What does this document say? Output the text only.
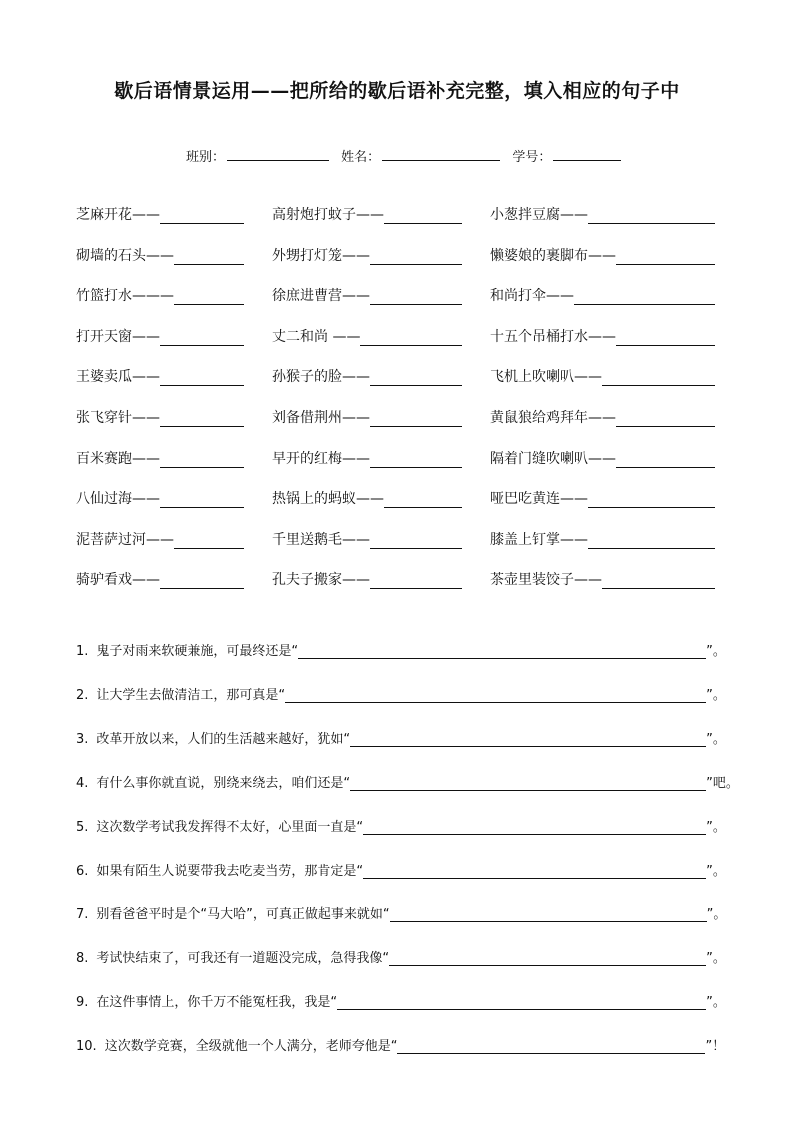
歇后语情景运用——把所给的歇后语补充完整，填入相应的句子中
班别：	姓名：	学号：
芝麻开花——	高射炮打蚊子——	小葱拌豆腐——
砌墙的石头——	外甥打灯笼——	懒婆娘的裹脚布——
竹篮打水———	徐庶进曹营——	和尚打伞——
打开天窗——	丈二和尚 ——	十五个吊桶打水——
王婆卖瓜——	孙猴子的脸——	飞机上吹喇叭——
张飞穿针——	刘备借荆州——	黄鼠狼给鸡拜年——
百米赛跑——	早开的红梅——	隔着门缝吹喇叭——
八仙过海——	热锅上的蚂蚁——	哑巴吃黄连——
泥菩萨过河——	千里送鹅毛——	膝盖上钉掌——
骑驴看戏——	孔夫子搬家——	茶壶里装饺子——
1. 鬼子对雨来软硬兼施，可最终还是“	”。
2. 让大学生去做清洁工，那可真是“	”。
3. 改革开放以来，人们的生活越来越好，犹如“	”。
4. 有什么事你就直说，别绕来绕去，咱们还是“	”吧。
5. 这次数学考试我发挥得不太好，心里面一直是“	”。
6. 如果有陌生人说要带我去吃麦当劳，那肯定是“	”。
7. 别看爸爸平时是个“马大哈”，可真正做起事来就如“	”。
8. 考试快结束了，可我还有一道题没完成，急得我像“	”。
9. 在这件事情上，你千万不能冤枉我，我是“	”。
10. 这次数学竞赛，全级就他一个人满分，老师夸他是“	”！
